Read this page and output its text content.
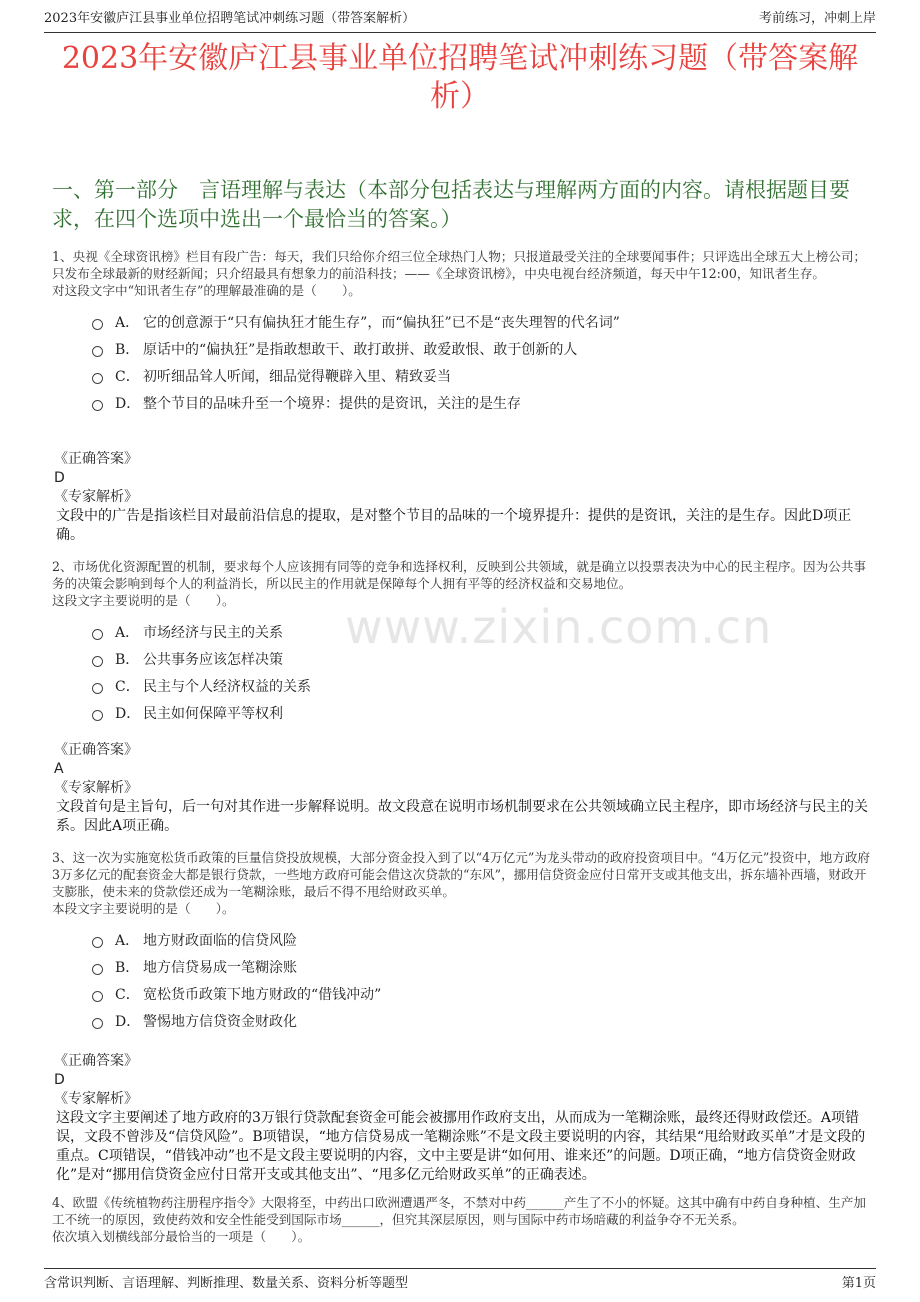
2023年安徽庐江县事业单位招聘笔试冲刺练习题（带答案解析）	考前练习，冲刺上岸
2023年安徽庐江县事业单位招聘笔试冲刺练习题（带答案解析）
一、第一部分　言语理解与表达（本部分包括表达与理解两方面的内容。请根据题目要求，在四个选项中选出一个最恰当的答案。）
www.zixin.com.cn

1、央视《全球资讯榜》栏目有段广告：每天，我们只给你介绍三位全球热门人物；只报道最受关注的全球要闻事件；只评选出全球五大上榜公司；只发布全球最新的财经新闻；只介绍最具有想象力的前沿科技；——《全球资讯榜》，中央电视台经济频道，每天中午12:00，知讯者生存。

对这段文字中“知讯者生存”的理解最准确的是（　　）。

A． 它的创意源于“只有偏执狂才能生存”，而“偏执狂”已不是“丧失理智的代名词”
B． 原话中的“偏执狂”是指敢想敢干、敢打敢拼、敢爱敢恨、敢于创新的人
C． 初听细品耸人听闻，细品觉得鞭辟入里、精致妥当
D． 整个节目的品味升至一个境界：提供的是资讯，关注的是生存
《正确答案》
D
《专家解析》

文段中的广告是指该栏目对最前沿信息的提取，是对整个节目的品味的一个境界提升：提供的是资讯，关注的是生存。因此D项正确。

2、市场优化资源配置的机制，要求每个人应该拥有同等的竞争和选择权利，反映到公共领域，就是确立以投票表决为中心的民主程序。因为公共事务的决策会影响到每个人的利益消长，所以民主的作用就是保障每个人拥有平等的经济权益和交易地位。

这段文字主要说明的是（　　）。

A． 市场经济与民主的关系
B． 公共事务应该怎样决策
C． 民主与个人经济权益的关系
D． 民主如何保障平等权利
《正确答案》
A
《专家解析》

文段首句是主旨句，后一句对其作进一步解释说明。故文段意在说明市场机制要求在公共领域确立民主程序，即市场经济与民主的关系。因此A项正确。

3、这一次为实施宽松货币政策的巨量信贷投放规模，大部分资金投入到了以“4万亿元”为龙头带动的政府投资项目中。“4万亿元”投资中，地方政府3万多亿元的配套资金大都是银行贷款，一些地方政府可能会借这次贷款的“东风”，挪用信贷资金应付日常开支或其他支出，拆东墙补西墙，财政开支膨胀，使未来的贷款偿还成为一笔糊涂账，最后不得不甩给财政买单。

本段文字主要说明的是（　　）。

A． 地方财政面临的信贷风险
B． 地方信贷易成一笔糊涂账
C． 宽松货币政策下地方财政的“借钱冲动”
D． 警惕地方信贷资金财政化
《正确答案》
D
《专家解析》

这段文字主要阐述了地方政府的3万银行贷款配套资金可能会被挪用作政府支出，从而成为一笔糊涂账，最终还得财政偿还。A项错误，文段不曾涉及“信贷风险”。B项错误，“地方信贷易成一笔糊涂账”不是文段主要说明的内容，其结果“甩给财政买单”才是文段的重点。C项错误，“借钱冲动”也不是文段主要说明的内容，文中主要是讲“如何用、谁来还”的问题。D项正确，“地方信贷资金财政化”是对“挪用信贷资金应付日常开支或其他支出”、“甩多亿元给财政买单”的正确表述。

4、欧盟《传统植物药注册程序指令》大限将至，中药出口欧洲遭遇严冬，不禁对中药______产生了不小的怀疑。这其中确有中药自身种植、生产加工不统一的原因，致使药效和安全性能受到国际市场______，但究其深层原因，则与国际中药市场暗藏的利益争夺不无关系。

依次填入划横线部分最恰当的一项是（　　）。

含常识判断、言语理解、判断推理、数量关系、资料分析等题型	第1页
